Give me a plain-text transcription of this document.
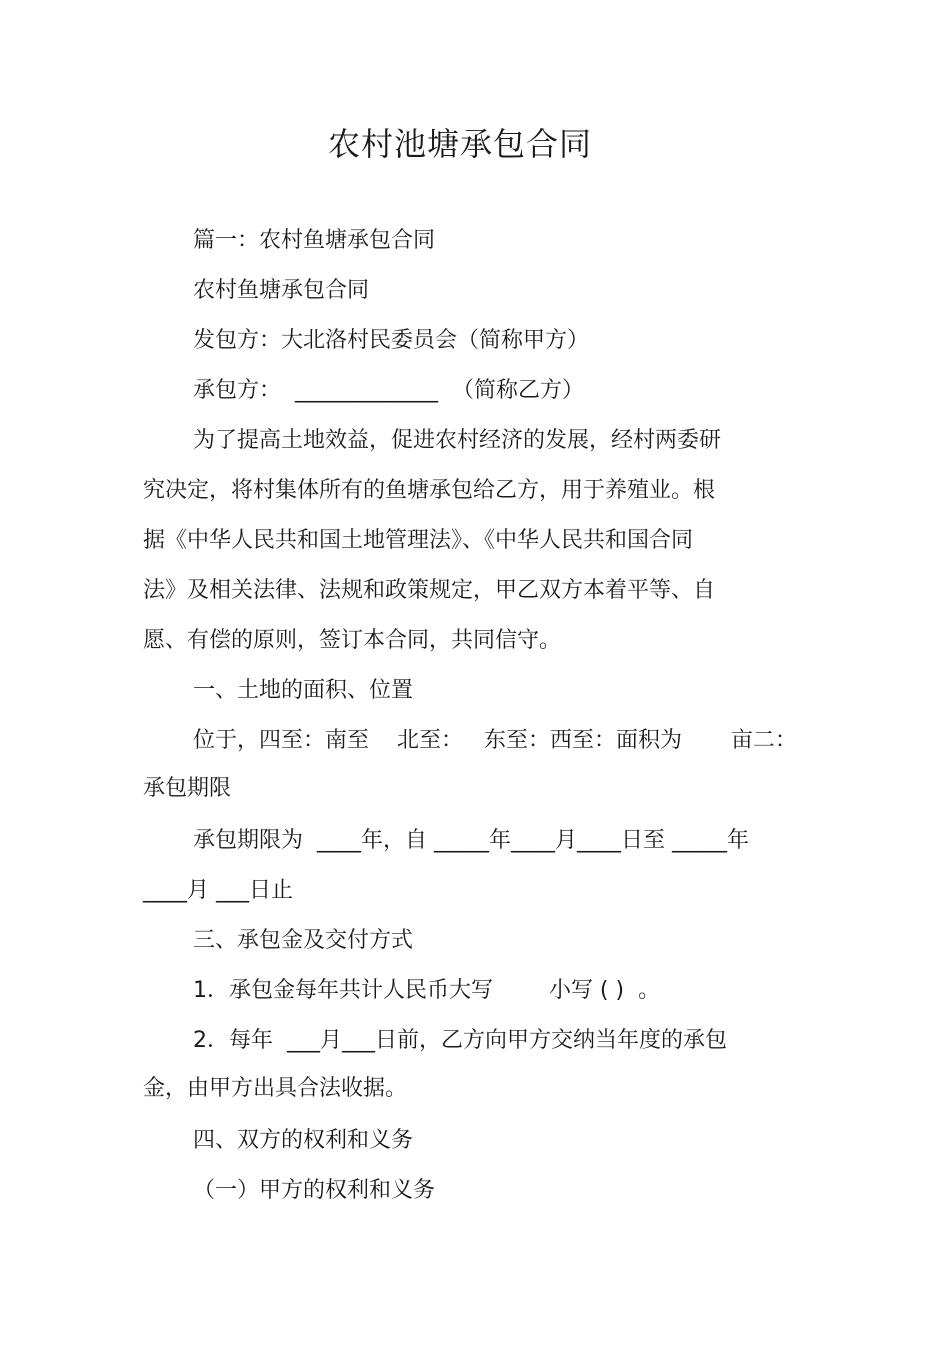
农村池塘承包合同
篇一：农村鱼塘承包合同
农村鱼塘承包合同
发包方：大北洛村民委员会（简称甲方）
承包方：  _____________  （简称乙方）
为了提高土地效益，促进农村经济的发展，经村两委研
究决定，将村集体所有的鱼塘承包给乙方，用于养殖业。根
据《中华人民共和国土地管理法》、《中华人民共和国合同
法》及相关法律、法规和政策规定，甲乙双方本着平等、自
愿、有偿的原则，签订本合同，共同信守。
一、土地的面积、位置
位于，四至：南至    北至：   东至：西至：面积为       亩二：
承包期限
承包期限为  ____年，自 _____年____月____日至 _____年
____月 ___日止
三、承包金及交付方式
1．承包金每年共计人民币大写        小写 ( )  。
2．每年  ___月___日前，乙方向甲方交纳当年度的承包
金，由甲方出具合法收据。
四、双方的权利和义务
（一）甲方的权利和义务
